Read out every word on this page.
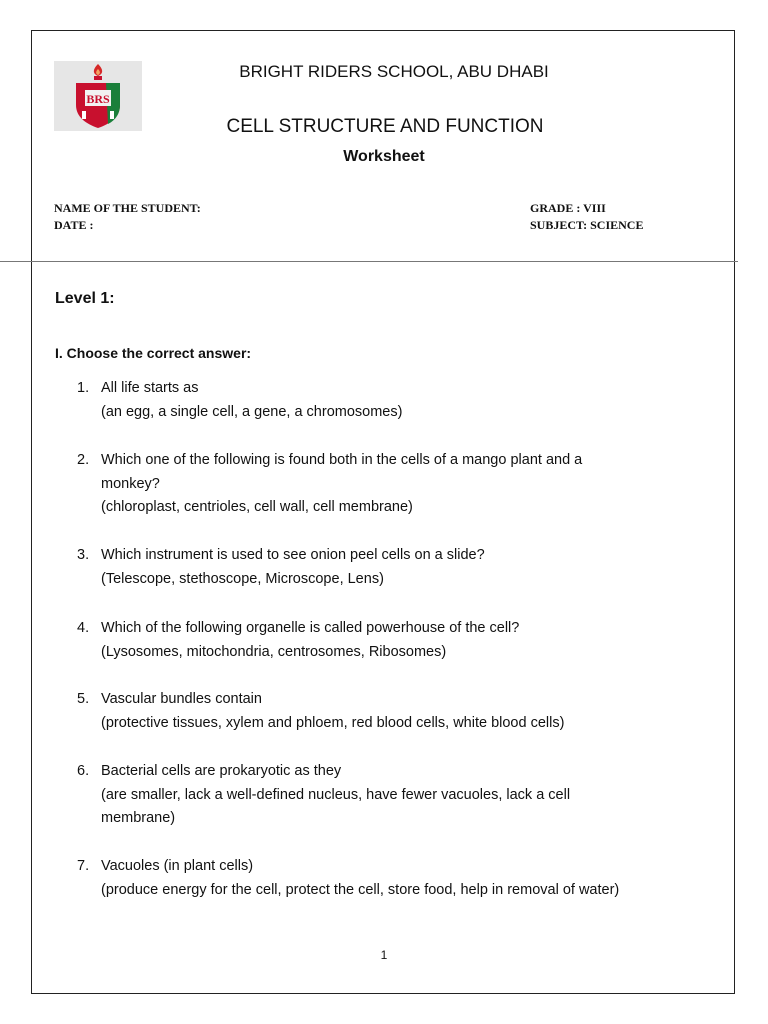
BRS
BRIGHT RIDERS SCHOOL, ABU DHABI
CELL STRUCTURE AND FUNCTION
Worksheet
NAME OF THE STUDENT:
DATE :
GRADE : VIII
SUBJECT: SCIENCE
Level 1:
I. Choose the correct answer:
1. All life starts as
(an egg, a single cell, a gene, a chromosomes)
2. Which one of the following is found both in the cells of a mango plant and a
monkey?
(chloroplast, centrioles, cell wall, cell membrane)
3. Which instrument is used to see onion peel cells on a slide?
(Telescope, stethoscope, Microscope, Lens)
4. Which of the following organelle is called powerhouse of the cell?
(Lysosomes, mitochondria, centrosomes, Ribosomes)
5. Vascular bundles contain
(protective tissues, xylem and phloem, red blood cells, white blood cells)
6. Bacterial cells are prokaryotic as they
(are smaller, lack a well-defined nucleus, have fewer vacuoles, lack a cell
membrane)
7. Vacuoles (in plant cells)
(produce energy for the cell, protect the cell, store food, help in removal of water)
1
